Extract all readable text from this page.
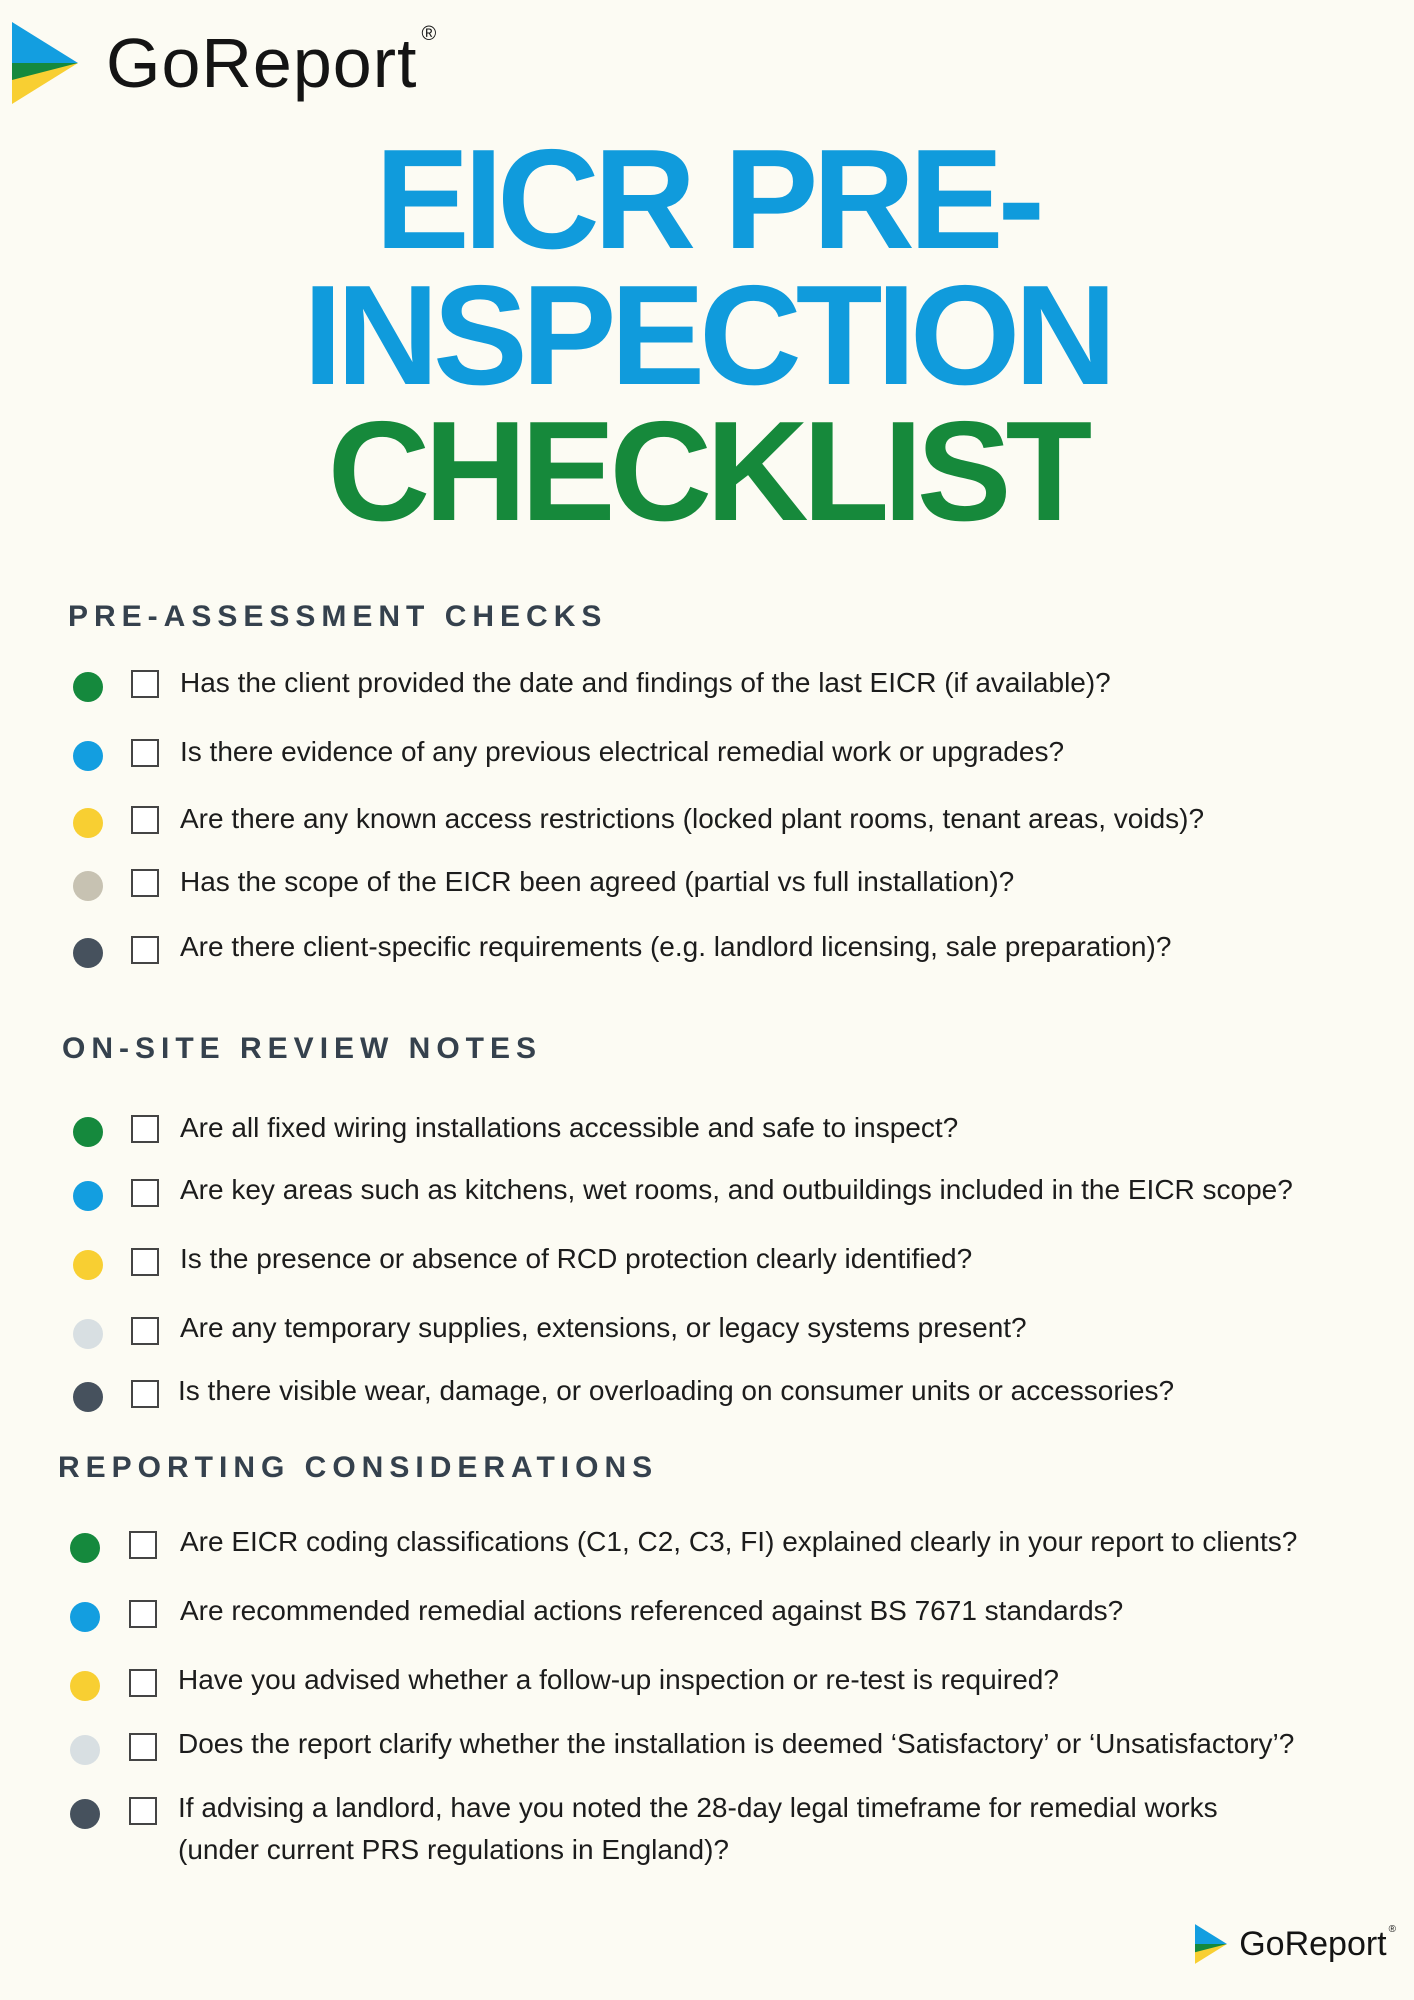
GoReport ®
EICR PRE-
INSPECTION
CHECKLIST
PRE-ASSESSMENT CHECKS
Has the client provided the date and findings of the last EICR (if available)?
Is there evidence of any previous electrical remedial work or upgrades?
Are there any known access restrictions (locked plant rooms, tenant areas, voids)?
Has the scope of the EICR been agreed (partial vs full installation)?
Are there client-specific requirements (e.g. landlord licensing, sale preparation)?
ON-SITE REVIEW NOTES
Are all fixed wiring installations accessible and safe to inspect?
Are key areas such as kitchens, wet rooms, and outbuildings included in the EICR scope?
Is the presence or absence of RCD protection clearly identified?
Are any temporary supplies, extensions, or legacy systems present?
Is there visible wear, damage, or overloading on consumer units or accessories?
REPORTING CONSIDERATIONS
Are EICR coding classifications (C1, C2, C3, FI) explained clearly in your report to clients?
Are recommended remedial actions referenced against BS 7671 standards?
Have you advised whether a follow-up inspection or re-test is required?
Does the report clarify whether the installation is deemed ‘Satisfactory’ or ‘Unsatisfactory’?
If advising a landlord, have you noted the 28-day legal timeframe for remedial works
(under current PRS regulations in England)?
GoReport ®
